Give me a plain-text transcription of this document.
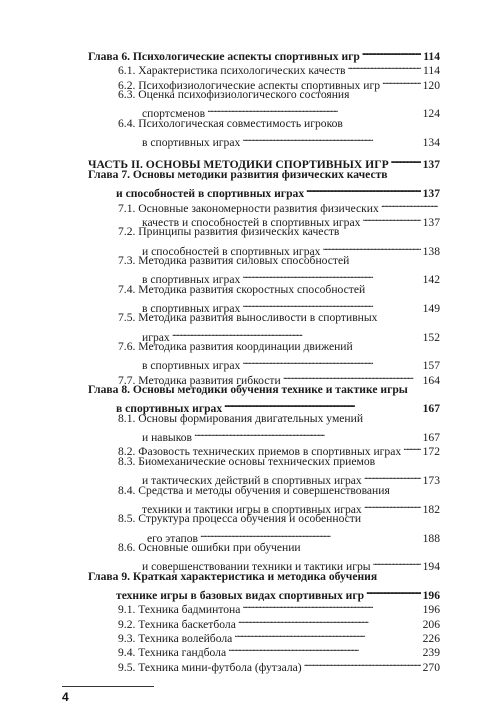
Глава 6. Психологические аспекты спортивных игр . . .	114
6.1. Характеристика психологических качеств . . .	114
6.2. Психофизиологические аспекты спортивных игр . . .	120
6.3. Оценка психофизиологического состояния
спортсменов . . .	124
6.4. Психологическая совместимость игроков
в спортивных играх . . .	134
ЧАСТЬ II. ОСНОВЫ МЕТОДИКИ СПОРТИВНЫХ ИГР . . .	137
Глава 7. Основы методики развития физических качеств
и способностей в спортивных играх . . .	137
7.1. Основные закономерности развития физических
. . .
качеств и способностей в спортивных играх . . .	137
7.2. Принципы развития физических качеств
и способностей в спортивных играх . . .	138
7.3. Методика развития силовых способностей
в спортивных играх . . .	142
7.4. Методика развития скоростных способностей
в спортивных играх . . .	149
7.5. Методика развития выносливости в спортивных
играх . . .	152
7.6. Методика развития координации движений
в спортивных играх . . .	157
7.7. Методика развития гибкости . . .	164
Глава 8. Основы методики обучения технике и тактике игры
в спортивных играх . . .	167
8.1. Основы формирования двигательных умений
и навыков . . .	167
8.2. Фазовость технических приемов в спортивных играх . . . 172
8.3. Биомеханические основы технических приемов
и тактических действий в спортивных играх . . .	173
8.4. Средства и методы обучения и совершенствования
техники и тактики игры в спортивных играх . . .	182
8.5. Структура процесса обучения и особенности
его этапов . . .	188
8.6. Основные ошибки при обучении
и совершенствовании техники и тактики игры . . .	194
Глава 9. Краткая характеристика и методика обучения
технике игры в базовых видах спортивных игр . . .	196
9.1. Техника бадминтона . . .	196
9.2. Техника баскетбола . . .	206
9.3. Техника волейбола . . .	226
9.4. Техника гандбола . . .	239
9.5. Техника мини-футбола (футзала) . . .	270
4
